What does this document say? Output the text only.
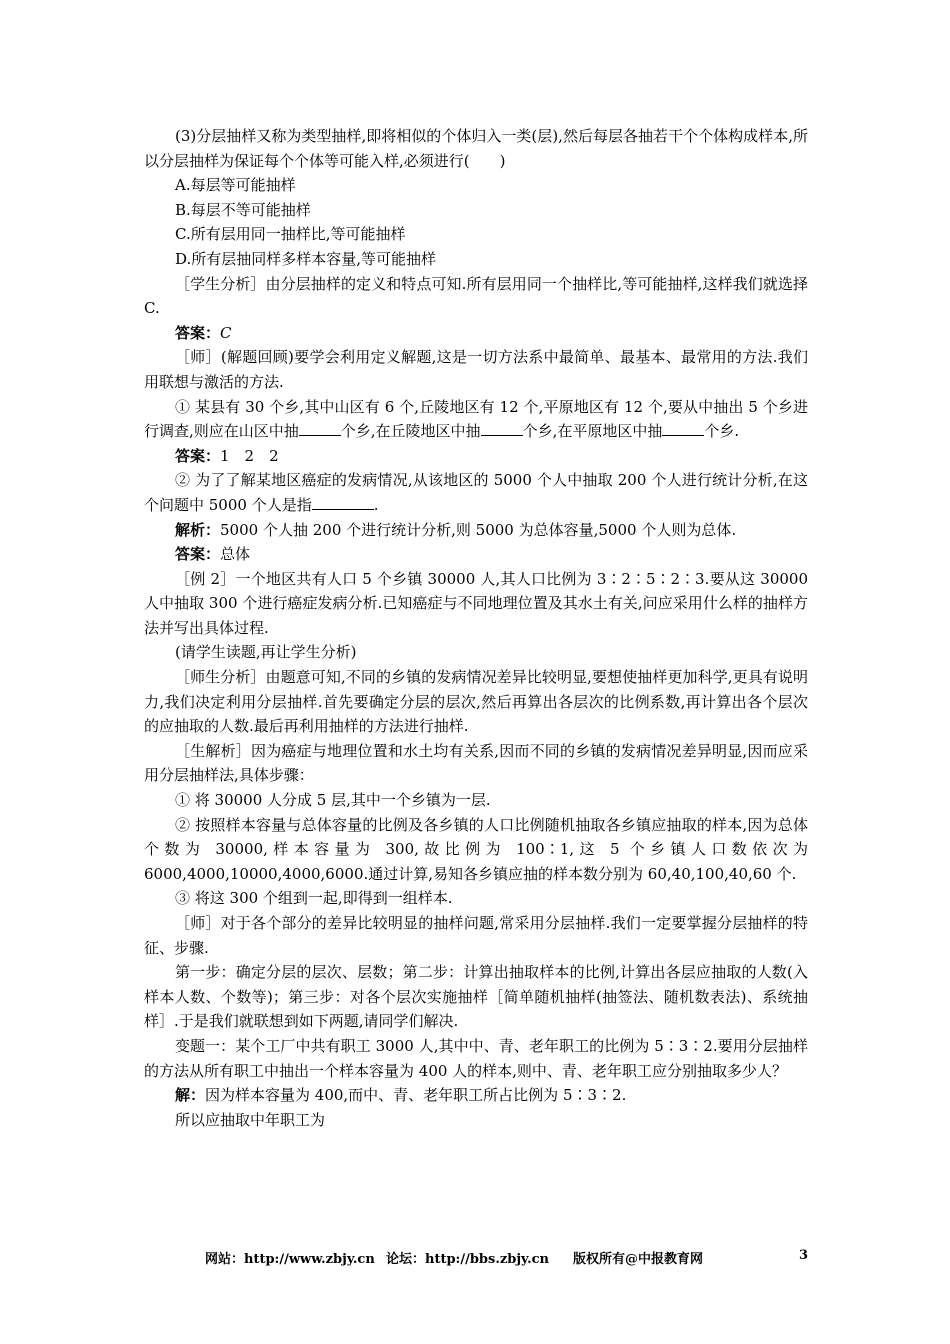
(3)分层抽样又称为类型抽样,即将相似的个体归入一类(层),然后每层各抽若干个个体构成样本,所以分层抽样为保证每个个体等可能入样,必须进行(　　)

A.每层等可能抽样

B.每层不等可能抽样

C.所有层用同一抽样比,等可能抽样

D.所有层抽同样多样本容量,等可能抽样

［学生分析］由分层抽样的定义和特点可知.所有层用同一个抽样比,等可能抽样,这样我们就选择 C.

答案：C

［师］(解题回顾)要学会利用定义解题,这是一切方法系中最简单、最基本、最常用的方法.我们用联想与激活的方法.

① 某县有 30 个乡,其中山区有 6 个,丘陵地区有 12 个,平原地区有 12 个,要从中抽出 5 个乡进行调查,则应在山区中抽	个乡,在丘陵地区中抽	个乡,在平原地区中抽	个乡.

答案：1　2　2

② 为了了解某地区癌症的发病情况,从该地区的 5000 个人中抽取 200 个人进行统计分析,在这个问题中 5000 个人是指	.

解析：5000 个人抽 200 个进行统计分析,则 5000 为总体容量,5000 个人则为总体.

答案：总体

［例 2］一个地区共有人口 5 个乡镇 30000 人,其人口比例为 3∶2∶5∶2∶3.要从这 30000 人中抽取 300 个进行癌症发病分析.已知癌症与不同地理位置及其水土有关,问应采用什么样的抽样方法并写出具体过程.

(请学生读题,再让学生分析)

［师生分析］由题意可知,不同的乡镇的发病情况差异比较明显,要想使抽样更加科学,更具有说明力,我们决定利用分层抽样.首先要确定分层的层次,然后再算出各层次的比例系数,再计算出各个层次的应抽取的人数.最后再利用抽样的方法进行抽样.

［生解析］因为癌症与地理位置和水土均有关系,因而不同的乡镇的发病情况差异明显,因而应采用分层抽样法,具体步骤：

① 将 30000 人分成 5 层,其中一个乡镇为一层.

② 按照样本容量与总体容量的比例及各乡镇的人口比例随机抽取各乡镇应抽取的样本,因为总体个数为 30000,样本容量为 300,故比例为 100∶1,这 5 个乡镇人口数依次为 6000,4000,10000,4000,6000.通过计算,易知各乡镇应抽的样本数分别为 60,40,100,40,60 个.

③ 将这 300 个组到一起,即得到一组样本.

［师］对于各个部分的差异比较明显的抽样问题,常采用分层抽样.我们一定要掌握分层抽样的特征、步骤.

第一步：确定分层的层次、层数；第二步：计算出抽取样本的比例,计算出各层应抽取的人数(入样本人数、个数等)；第三步：对各个层次实施抽样［简单随机抽样(抽签法、随机数表法)、系统抽样］.于是我们就联想到如下两题,请同学们解决.

变题一：某个工厂中共有职工 3000 人,其中中、青、老年职工的比例为 5∶3∶2.要用分层抽样的方法从所有职工中抽出一个样本容量为 400 人的样本,则中、青、老年职工应分别抽取多少人？

解：因为样本容量为 400,而中、青、老年职工所占比例为 5∶3∶2.

所以应抽取中年职工为

网站：http://www.zbjy.cn 论坛：http://bbs.zbjy.cn 版权所有@中报教育网	3
